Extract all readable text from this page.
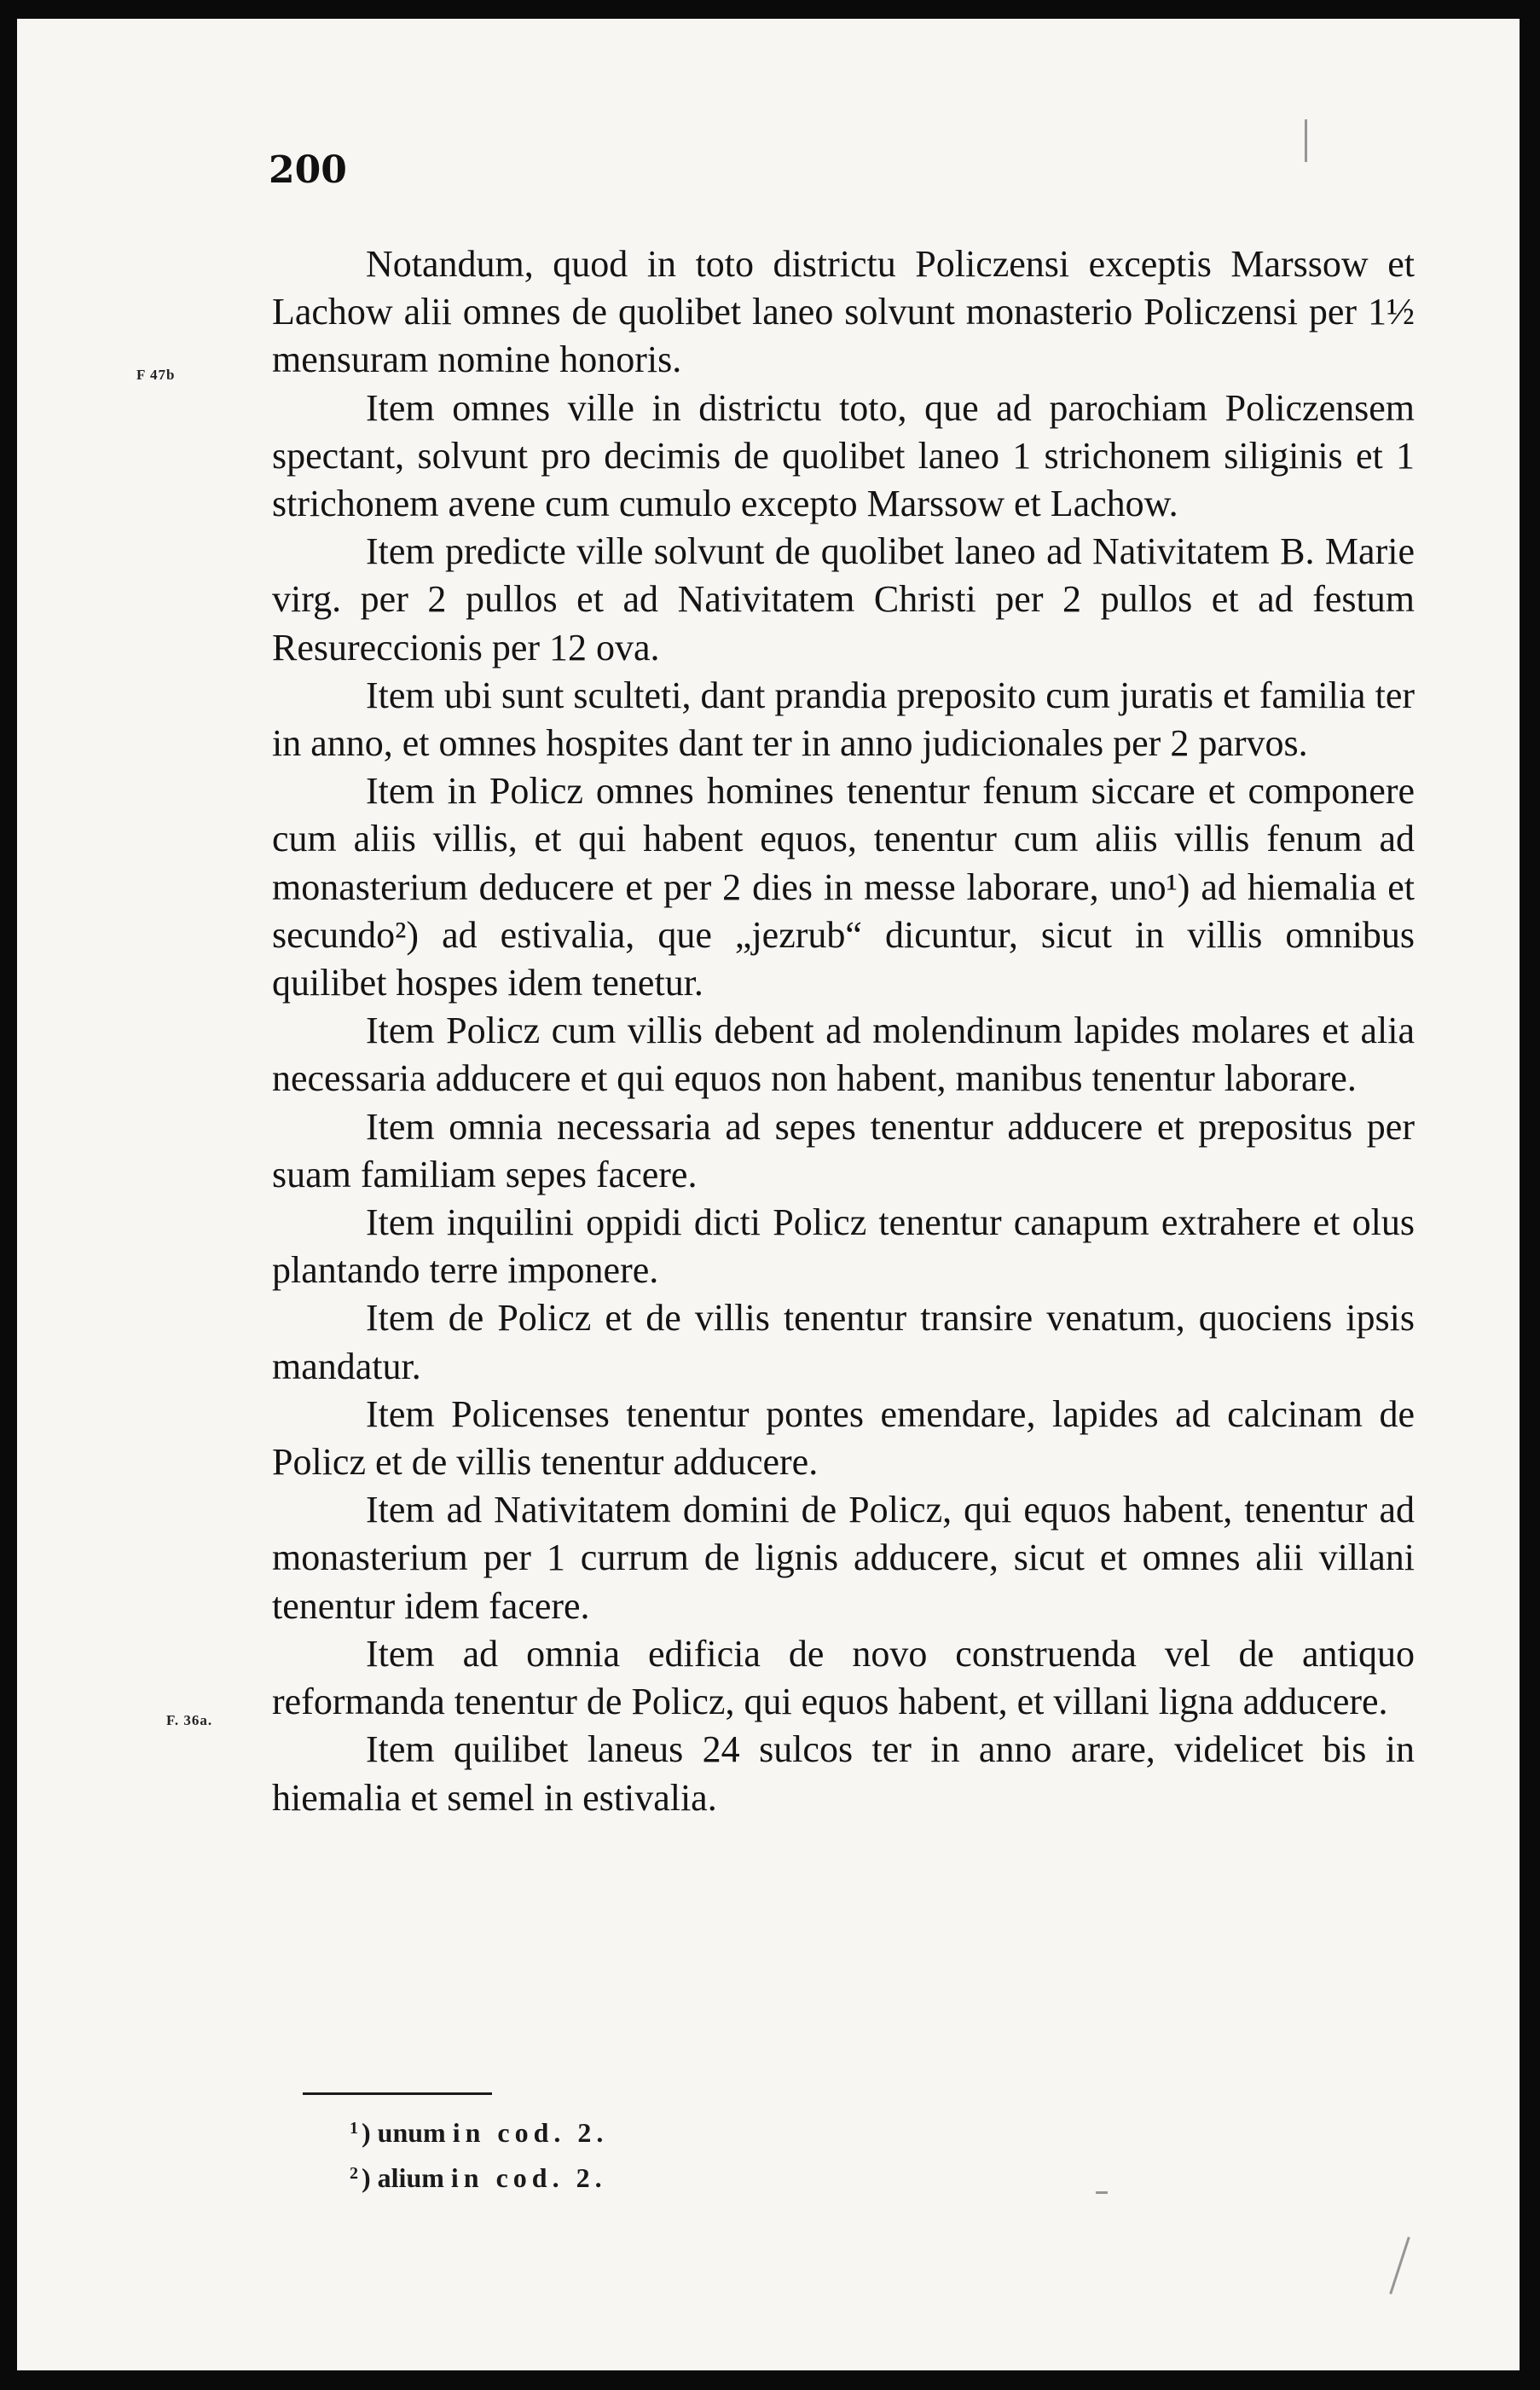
200
F 47b
F. 36a.

Notandum, quod in toto districtu Policzensi exceptis Marssow et Lachow alii omnes de quolibet laneo solvunt monasterio Policzensi per 1½ mensuram nomine honoris.

Item omnes ville in districtu toto, que ad parochiam Policzensem spectant, solvunt pro decimis de quolibet laneo 1 strichonem siliginis et 1 strichonem avene cum cumulo excepto Marssow et Lachow.

Item predicte ville solvunt de quolibet laneo ad Nativitatem B. Marie virg. per 2 pullos et ad Nativitatem Christi per 2 pullos et ad festum Resureccionis per 12 ova.

Item ubi sunt sculteti, dant prandia preposito cum juratis et familia ter in anno, et omnes hospites dant ter in anno judicionales per 2 parvos.

Item in Policz omnes homines tenentur fenum siccare et componere cum aliis villis, et qui habent equos, tenentur cum aliis villis fenum ad monasterium deducere et per 2 dies in messe laborare, uno¹) ad hiemalia et secundo²) ad estivalia, que „jezrub“ dicuntur, sicut in villis omnibus quilibet hospes idem tenetur.

Item Policz cum villis debent ad molendinum lapides molares et alia necessaria adducere et qui equos non habent, manibus tenentur laborare.

Item omnia necessaria ad sepes tenentur adducere et prepositus per suam familiam sepes facere.

Item inquilini oppidi dicti Policz tenentur canapum extrahere et olus plantando terre imponere.

Item de Policz et de villis tenentur transire venatum, quociens ipsis mandatur.

Item Policenses tenentur pontes emendare, lapides ad calcinam de Policz et de villis tenentur adducere.

Item ad Nativitatem domini de Policz, qui equos habent, tenentur ad monasterium per 1 currum de lignis adducere, sicut et omnes alii villani tenentur idem facere.

Item ad omnia edificia de novo construenda vel de antiquo reformanda tenentur de Policz, qui equos habent, et villani ligna adducere.

Item quilibet laneus 24 sulcos ter in anno arare, videlicet bis in hiemalia et semel in estivalia.

$^1$ ) unum in cod. 2.
$^2$ ) alium in cod. 2.
